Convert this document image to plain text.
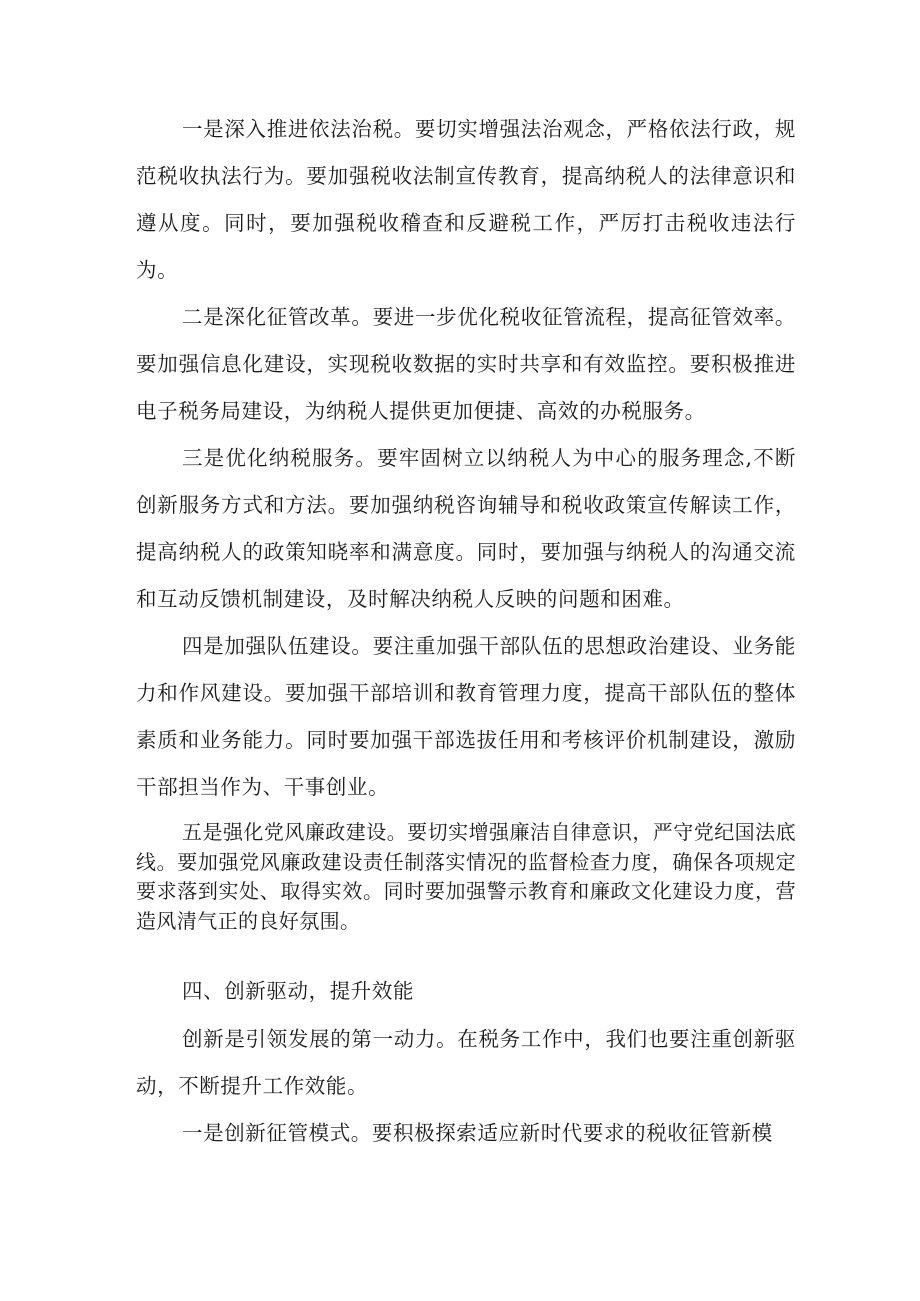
一是深入推进依法治税。要切实增强法治观念，严格依法行政，规范税收执法行为。要加强税收法制宣传教育，提高纳税人的法律意识和遵从度。同时，要加强税收稽查和反避税工作，严厉打击税收违法行为。

二是深化征管改革。要进一步优化税收征管流程，提高征管效率。要加强信息化建设，实现税收数据的实时共享和有效监控。要积极推进电子税务局建设，为纳税人提供更加便捷、高效的办税服务。

三是优化纳税服务。要牢固树立以纳税人为中心的服务理念,不断创新服务方式和方法。要加强纳税咨询辅导和税收政策宣传解读工作，提高纳税人的政策知晓率和满意度。同时，要加强与纳税人的沟通交流和互动反馈机制建设，及时解决纳税人反映的问题和困难。

四是加强队伍建设。要注重加强干部队伍的思想政治建设、业务能力和作风建设。要加强干部培训和教育管理力度，提高干部队伍的整体素质和业务能力。同时要加强干部选拔任用和考核评价机制建设，激励干部担当作为、干事创业。

五是强化党风廉政建设。要切实增强廉洁自律意识，严守党纪国法底线。要加强党风廉政建设责任制落实情况的监督检查力度，确保各项规定要求落到实处、取得实效。同时要加强警示教育和廉政文化建设力度，营造风清气正的良好氛围。

四、创新驱动，提升效能

创新是引领发展的第一动力。在税务工作中，我们也要注重创新驱动，不断提升工作效能。

一是创新征管模式。要积极探索适应新时代要求的税收征管新模
